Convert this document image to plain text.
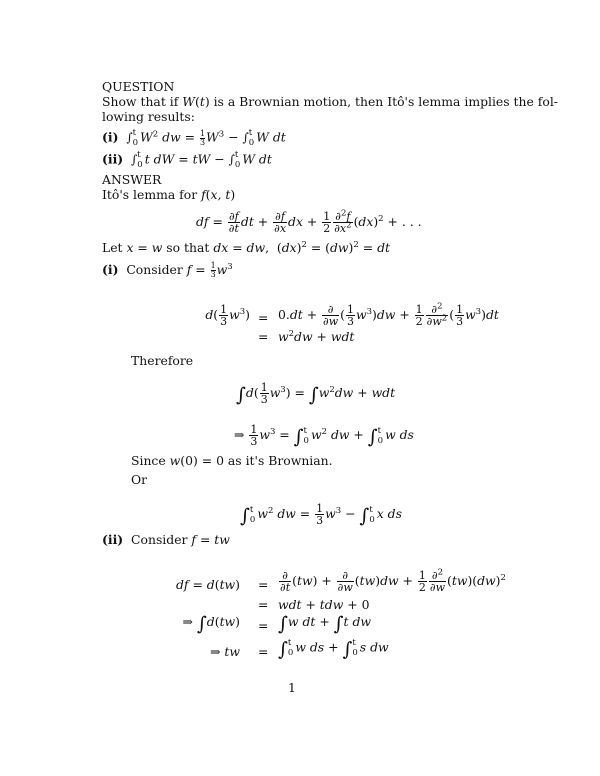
QUESTION
Show that if W(t) is a Brownian motion, then Itô's lemma implies the fol-
lowing results:
(i) ∫ t
0 $W^2$ dw = $\frac{1}{3} W^3$ − ∫ t
0 W dt
(ii) ∫ t
0 t dW = tW − ∫ t
0 W dt
ANSWER
Itô's lemma for f(x, t)
df = $\frac{\partial f}{\partial t}$ dt + $\frac{\partial f}{\partial x}$ dx + $\frac{1}{2} \frac{\partial^2f}{\partial x^2} (dx)^2$ + . . .
Let x = w so that dx = dw,  (dx)$^2$ = (dw)$^2$ = dt
(i) Consider $f = \frac{1}{3} w^3$
$d( \frac{1}{3} w^3) = 0.dt + \frac{\partial}{\partial w}$ ( $\frac{1}{3} w^3)dw + \frac{1}{2} \frac{\partial^2}{\partial w^2}$ ( $\frac{1}{3} w^3)dt$
= $w^2dw$ + wdt
Therefore
$\int d( \frac{1}{3} w^3) = \int w^2dw$ + wdt
⇒ $\frac{1}{3} w^3$ = ∫ t
0 $w^2$ dw + ∫ t
0 w ds
Since w(0) = 0 as it's Brownian.
Or
∫ t
0 $w^2$ dw = $\frac{1}{3} w^3$ − ∫ t
0 x ds
(ii) Consider f = tw
df = $d(tw) = \frac{\partial}{\partial t} (tw) + \frac{\partial}{\partial w} (tw)dw + \frac{1}{2} \frac{\partial^2}{\partial w} (tw)(dw)^2$
= wdt + tdw + 0
⇒ ∫d(tw) = ∫w dt + ∫t dw
⇒ tw = ∫ t
0 w ds + ∫ t
0 s dw
1
